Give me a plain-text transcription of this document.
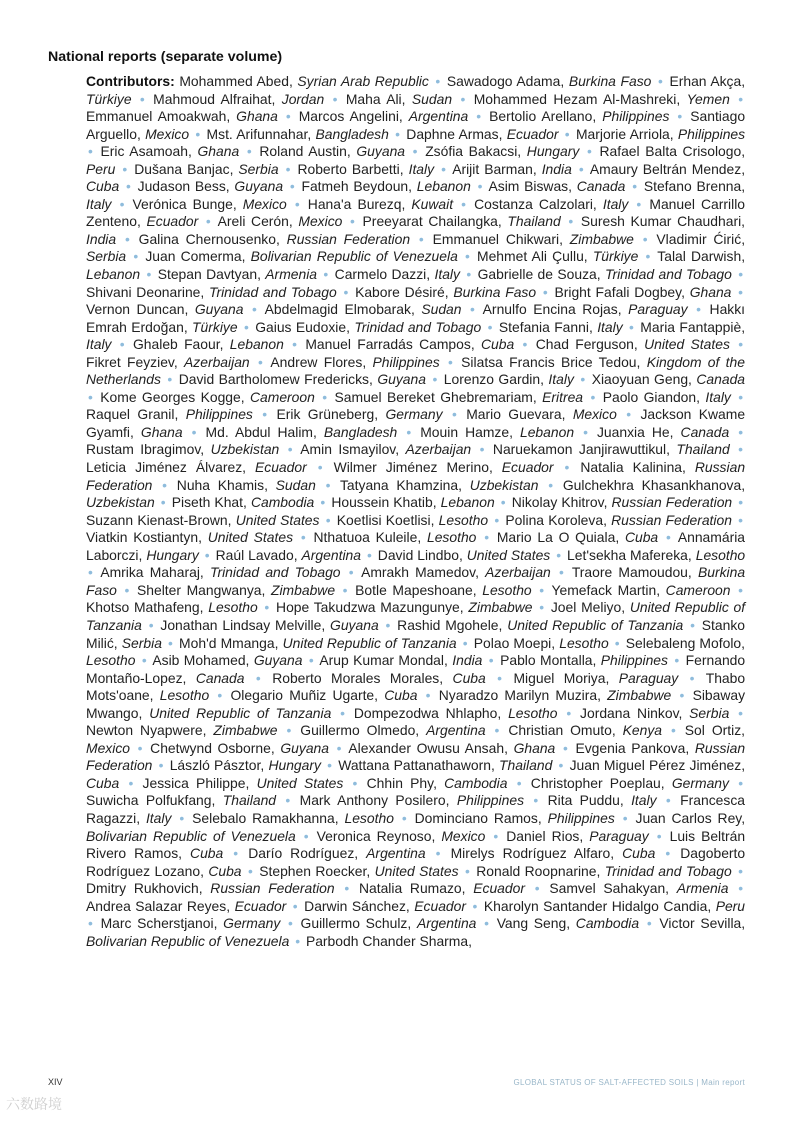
National reports (separate volume)
Contributors: Mohammed Abed, Syrian Arab Republic • Sawadogo Adama, Burkina Faso • Erhan Akça, Türkiye • Mahmoud Alfraihat, Jordan • Maha Ali, Sudan • Mohammed Hezam Al-Mashreki, Yemen • Emmanuel Amoakwah, Ghana • Marcos Angelini, Argentina • Bertolio Arellano, Philippines • Santiago Arguello, Mexico • Mst. Arifunnahar, Bangladesh • Daphne Armas, Ecuador • Marjorie Arriola, Philippines • Eric Asamoah, Ghana • Roland Austin, Guyana • Zsófia Bakacsi, Hungary • Rafael Balta Crisologo, Peru • Dušana Banjac, Serbia • Roberto Barbetti, Italy • Arijit Barman, India • Amaury Beltrán Mendez, Cuba • Judason Bess, Guyana • Fatmeh Beydoun, Lebanon • Asim Biswas, Canada • Stefano Brenna, Italy • Verónica Bunge, Mexico • Hana'a Burezq, Kuwait • Costanza Calzolari, Italy • Manuel Carrillo Zenteno, Ecuador • Areli Cerón, Mexico • Preeyarat Chailangka, Thailand • Suresh Kumar Chaudhari, India • Galina Chernousenko, Russian Federation • Emmanuel Chikwari, Zimbabwe • Vladimir Ćirić, Serbia • Juan Comerma, Bolivarian Republic of Venezuela • Mehmet Ali Çullu, Türkiye • Talal Darwish, Lebanon • Stepan Davtyan, Armenia • Carmelo Dazzi, Italy • Gabrielle de Souza, Trinidad and Tobago • Shivani Deonarine, Trinidad and Tobago • Kabore Désiré, Burkina Faso • Bright Fafali Dogbey, Ghana • Vernon Duncan, Guyana • Abdelmagid Elmobarak, Sudan • Arnulfo Encina Rojas, Paraguay • Hakkı Emrah Erdoğan, Türkiye • Gaius Eudoxie, Trinidad and Tobago • Stefania Fanni, Italy • Maria Fantappiè, Italy • Ghaleb Faour, Lebanon • Manuel Farradás Campos, Cuba • Chad Ferguson, United States • Fikret Feyziev, Azerbaijan • Andrew Flores, Philippines • Silatsa Francis Brice Tedou, Kingdom of the Netherlands • David Bartholomew Fredericks, Guyana • Lorenzo Gardin, Italy • Xiaoyuan Geng, Canada • Kome Georges Kogge, Cameroon • Samuel Bereket Ghebremariam, Eritrea • Paolo Giandon, Italy • Raquel Granil, Philippines • Erik Grüneberg, Germany • Mario Guevara, Mexico • Jackson Kwame Gyamfi, Ghana • Md. Abdul Halim, Bangladesh • Mouin Hamze, Lebanon • Juanxia He, Canada • Rustam Ibragimov, Uzbekistan • Amin Ismayilov, Azerbaijan • Naruekamon Janjirawuttikul, Thailand • Leticia Jiménez Álvarez, Ecuador • Wilmer Jiménez Merino, Ecuador • Natalia Kalinina, Russian Federation • Nuha Khamis, Sudan • Tatyana Khamzina, Uzbekistan • Gulchekhra Khasankhanova, Uzbekistan • Piseth Khat, Cambodia • Houssein Khatib, Lebanon • Nikolay Khitrov, Russian Federation • Suzann Kienast-Brown, United States • Koetlisi Koetlisi, Lesotho • Polina Koroleva, Russian Federation • Viatkin Kostiantyn, United States • Nthatuoa Kuleile, Lesotho • Mario La O Quiala, Cuba • Annamária Laborczi, Hungary • Raúl Lavado, Argentina • David Lindbo, United States • Let'sekha Mafereka, Lesotho • Amrika Maharaj, Trinidad and Tobago • Amrakh Mamedov, Azerbaijan • Traore Mamoudou, Burkina Faso • Shelter Mangwanya, Zimbabwe • Botle Mapeshoane, Lesotho • Yemefack Martin, Cameroon • Khotso Mathafeng, Lesotho • Hope Takudzwa Mazungunye, Zimbabwe • Joel Meliyo, United Republic of Tanzania • Jonathan Lindsay Melville, Guyana • Rashid Mgohele, United Republic of Tanzania • Stanko Milić, Serbia • Moh'd Mmanga, United Republic of Tanzania • Polao Moepi, Lesotho • Selebaleng Mofolo, Lesotho • Asib Mohamed, Guyana • Arup Kumar Mondal, India • Pablo Montalla, Philippines • Fernando Montaño-Lopez, Canada • Roberto Morales Morales, Cuba • Miguel Moriya, Paraguay • Thabo Mots'oane, Lesotho • Olegario Muñiz Ugarte, Cuba • Nyaradzo Marilyn Muzira, Zimbabwe • Sibaway Mwango, United Republic of Tanzania • Dompezodwa Nhlapho, Lesotho • Jordana Ninkov, Serbia • Newton Nyapwere, Zimbabwe • Guillermo Olmedo, Argentina • Christian Omuto, Kenya • Sol Ortiz, Mexico • Chetwynd Osborne, Guyana • Alexander Owusu Ansah, Ghana • Evgenia Pankova, Russian Federation • László Pásztor, Hungary • Wattana Pattanathaworn, Thailand • Juan Miguel Pérez Jiménez, Cuba • Jessica Philippe, United States • Chhin Phy, Cambodia • Christopher Poeplau, Germany • Suwicha Polfukfang, Thailand • Mark Anthony Posilero, Philippines • Rita Puddu, Italy • Francesca Ragazzi, Italy • Selebalo Ramakhanna, Lesotho • Dominciano Ramos, Philippines • Juan Carlos Rey, Bolivarian Republic of Venezuela • Veronica Reynoso, Mexico • Daniel Rios, Paraguay • Luis Beltrán Rivero Ramos, Cuba • Darío Rodríguez, Argentina • Mirelys Rodríguez Alfaro, Cuba • Dagoberto Rodríguez Lozano, Cuba • Stephen Roecker, United States • Ronald Roopnarine, Trinidad and Tobago • Dmitry Rukhovich, Russian Federation • Natalia Rumazo, Ecuador • Samvel Sahakyan, Armenia • Andrea Salazar Reyes, Ecuador • Darwin Sánchez, Ecuador • Kharolyn Santander Hidalgo Candia, Peru • Marc Scherstjanoi, Germany • Guillermo Schulz, Argentina • Vang Seng, Cambodia • Victor Sevilla, Bolivarian Republic of Venezuela • Parbodh Chander Sharma,
XIV	GLOBAL STATUS OF SALT-AFFECTED SOILS | Main report
六数路境
